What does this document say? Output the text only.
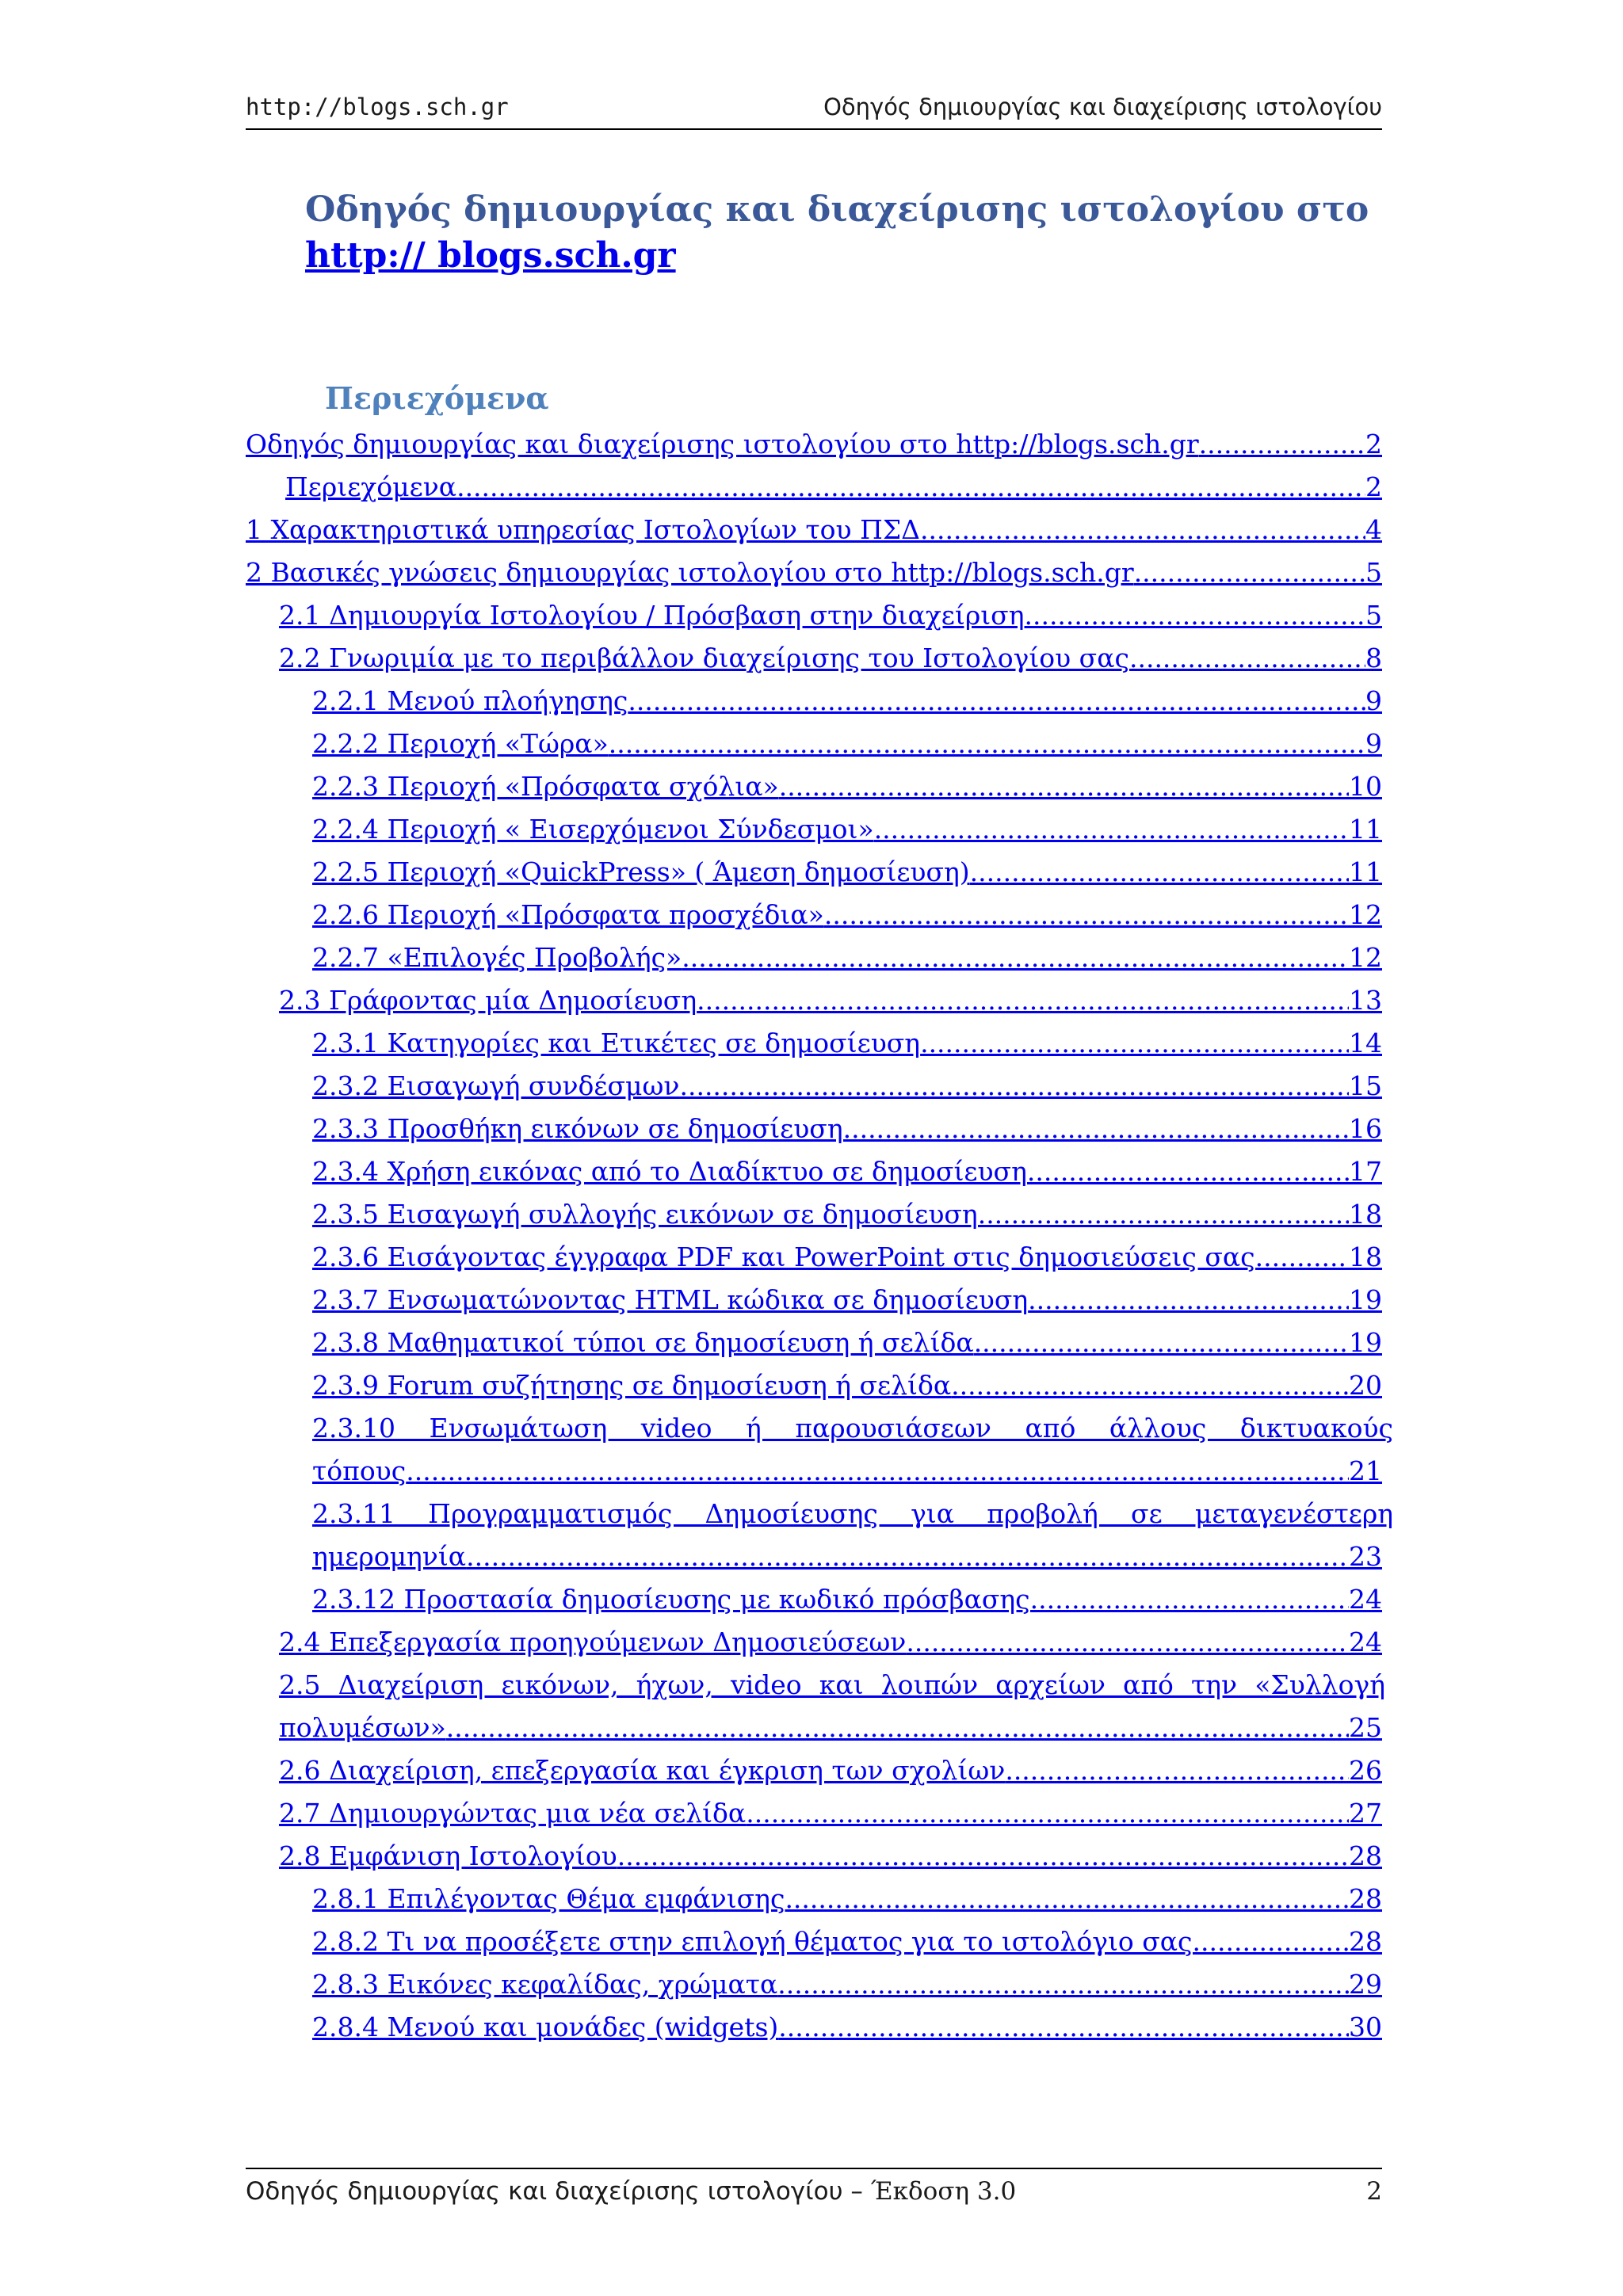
http://blogs.sch.gr	Οδηγός δημιουργίας και διαχείρισης ιστολογίου
Οδηγός δημιουργίας και διαχείρισης ιστολογίου στο http:// blogs.sch.gr
Περιεχόμενα
Οδηγός δημιουργίας και διαχείρισης ιστολογίου στο http://blogs.sch.gr .....	2
Περιεχόμενα .....	2
1 Χαρακτηριστικά υπηρεσίας Ιστολογίων του ΠΣΔ .....	4
2 Βασικές γνώσεις δημιουργίας ιστολογίου στο http://blogs.sch.gr .....	5
2.1 Δημιουργία Ιστολογίου / Πρόσβαση στην διαχείριση .....	5
2.2 Γνωριμία με το περιβάλλον διαχείρισης του Ιστολογίου σας .....	8
2.2.1 Μενού πλοήγησης .....	9
2.2.2 Περιοχή «Τώρα» .....	9
2.2.3 Περιοχή «Πρόσφατα σχόλια» .....	10
2.2.4 Περιοχή « Εισερχόμενοι Σύνδεσμοι» .....	11
2.2.5 Περιοχή «QuickPress» ( Άμεση δημοσίευση) .....	11
2.2.6 Περιοχή «Πρόσφατα προσχέδια» .....	12
2.2.7 «Επιλογές Προβολής» .....	12
2.3 Γράφοντας μία Δημοσίευση .....	13
2.3.1 Κατηγορίες και Ετικέτες σε δημοσίευση .....	14
2.3.2 Εισαγωγή συνδέσμων .....	15
2.3.3 Προσθήκη εικόνων σε δημοσίευση .....	16
2.3.4 Χρήση εικόνας από το Διαδίκτυο σε δημοσίευση .....	17
2.3.5 Εισαγωγή συλλογής εικόνων σε δημοσίευση .....	18
2.3.6 Εισάγοντας έγγραφα PDF και PowerPoint στις δημοσιεύσεις σας .....	18
2.3.7 Ενσωματώνοντας HTML κώδικα σε δημοσίευση .....	19
2.3.8 Μαθηματικοί τύποι σε δημοσίευση ή σελίδα .....	19
2.3.9 Forum συζήτησης σε δημοσίευση ή σελίδα .....	20
2.3.10 Ενσωμάτωση video ή παρουσιάσεων από άλλους δικτυακούς
τόπους .....	21
2.3.11 Προγραμματισμός Δημοσίευσης για προβολή σε μεταγενέστερη
ημερομηνία .....	23
2.3.12 Προστασία δημοσίευσης με κωδικό πρόσβασης .....	24
2.4 Επεξεργασία προηγούμενων Δημοσιεύσεων .....	24
2.5 Διαχείριση εικόνων, ήχων, video και λοιπών αρχείων από την «Συλλογή
πολυμέσων» .....	25
2.6 Διαχείριση, επεξεργασία και έγκριση των σχολίων .....	26
2.7 Δημιουργώντας μια νέα σελίδα .....	27
2.8 Εμφάνιση Ιστολογίου .....	28
2.8.1 Επιλέγοντας Θέμα εμφάνισης .....	28
2.8.2 Τι να προσέξετε στην επιλογή θέματος για το ιστολόγιο σας .....	28
2.8.3 Εικόνες κεφαλίδας, χρώματα .....	29
2.8.4 Μενού και μονάδες (widgets) .....	30
Οδηγός δημιουργίας και διαχείρισης ιστολογίου – Έκδοση 3.0	2
